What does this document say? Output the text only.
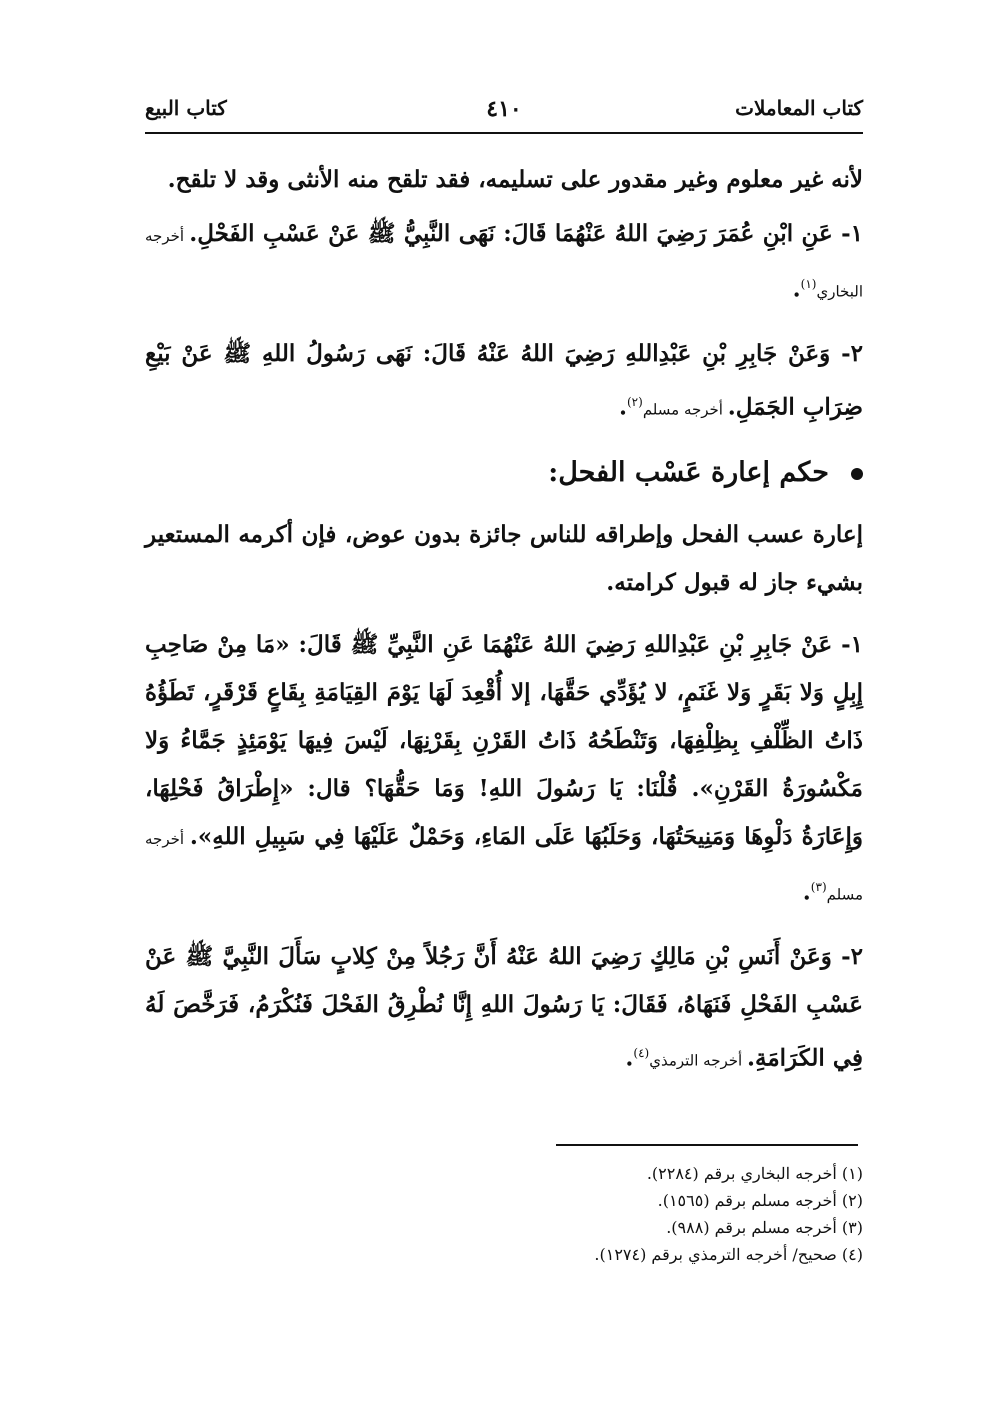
كتاب المعاملات
٤١٠
كتاب البيع

لأنه غير معلوم وغير مقدور على تسليمه، فقد تلقح منه الأنثى وقد لا تلقح.

١- عَنِ ابْنِ عُمَرَ رَضِيَ اللهُ عَنْهُمَا قَالَ: نَهَى النَّبِيُّ ﷺ عَنْ عَسْبِ الفَحْلِ. أخرجه البخاري$^{(١)}$.

٢- وَعَنْ جَابِرِ بْنِ عَبْدِاللهِ رَضِيَ اللهُ عَنْهُ قَالَ: نَهَى رَسُولُ اللهِ ﷺ عَنْ بَيْعِ ضِرَابِ الجَمَلِ. أخرجه مسلم$^{(٢)}$.

حكم إعارة عَسْب الفحل:

إعارة عسب الفحل وإطراقه للناس جائزة بدون عوض، فإن أكرمه المستعير بشيء جاز له قبول كرامته.

١- عَنْ جَابِرِ بْنِ عَبْدِاللهِ رَضِيَ اللهُ عَنْهُمَا عَنِ النَّبِيِّ ﷺ قَالَ: «مَا مِنْ صَاحِبِ إِبِلٍ وَلا بَقَرٍ وَلا غَنَمٍ، لا يُؤَدِّي حَقَّهَا، إلا أُقْعِدَ لَهَا يَوْمَ القِيَامَةِ بِقَاعٍ قَرْقَرٍ، تَطَؤُهُ ذَاتُ الظِّلْفِ بِظِلْفِهَا، وَتَنْطَحُهُ ذَاتُ القَرْنِ بِقَرْنِهَا، لَيْسَ فِيهَا يَوْمَئِذٍ جَمَّاءُ وَلا مَكْسُورَةُ القَرْنِ». قُلْنَا: يَا رَسُولَ اللهِ! وَمَا حَقُّهَا؟ قال: «إِطْرَاقُ فَحْلِهَا، وَإِعَارَةُ دَلْوِهَا وَمَنِيحَتُهَا، وَحَلَبُهَا عَلَى المَاءِ، وَحَمْلٌ عَلَيْهَا فِي سَبِيلِ اللهِ». أخرجه مسلم$^{(٣)}$.

٢- وَعَنْ أَنَسِ بْنِ مَالِكٍ رَضِيَ اللهُ عَنْهُ أَنَّ رَجُلاً مِنْ كِلابٍ سَأَلَ النَّبِيَّ ﷺ عَنْ عَسْبِ الفَحْلِ فَنَهَاهُ، فَقَالَ: يَا رَسُولَ اللهِ إِنَّا نُطْرِقُ الفَحْلَ فَنُكْرَمُ، فَرَخَّصَ لَهُ فِي الكَرَامَةِ. أخرجه الترمذي$^{(٤)}$.

(١) أخرجه البخاري برقم (٢٢٨٤).

(٢) أخرجه مسلم برقم (١٥٦٥).

(٣) أخرجه مسلم برقم (٩٨٨).

(٤) صحيح/ أخرجه الترمذي برقم (١٢٧٤).
